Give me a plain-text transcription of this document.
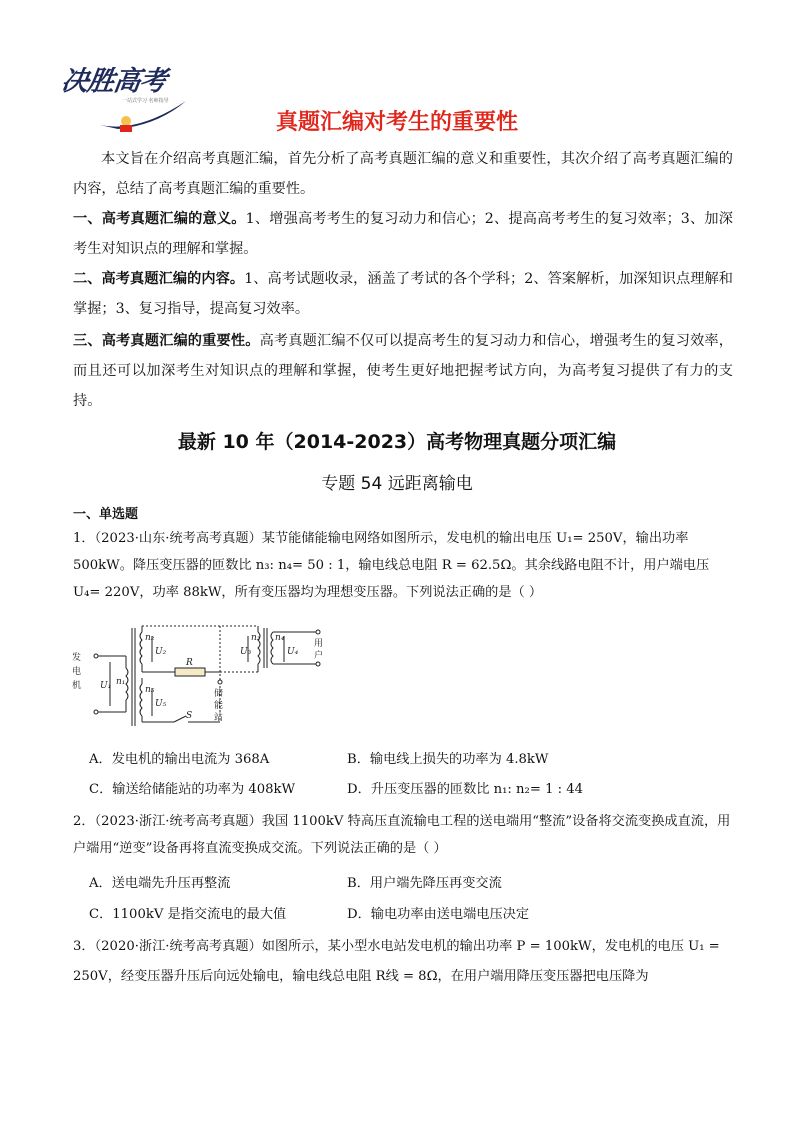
决胜高考
一站式学习 名师指导
真题汇编对考生的重要性
本文旨在介绍高考真题汇编，首先分析了高考真题汇编的意义和重要性，其次介绍了高考真题汇编的内容，总结了高考真题汇编的重要性。
一、高考真题汇编的意义。1、增强高考考生的复习动力和信心；2、提高高考考生的复习效率；3、加深考生对知识点的理解和掌握。
二、高考真题汇编的内容。1、高考试题收录，涵盖了考试的各个学科；2、答案解析，加深知识点理解和掌握；3、复习指导，提高复习效率。
三、高考真题汇编的重要性。高考真题汇编不仅可以提高考生的复习动力和信心，增强考生的复习效率，而且还可以加深考生对知识点的理解和掌握，使考生更好地把握考试方向，为高考复习提供了有力的支持。
最新 10 年（2014-2023）高考物理真题分项汇编
专题 54 远距离输电
一、单选题
1．（2023·山东·统考高考真题）某节能储能输电网络如图所示，发电机的输出电压 U₁= 250V，输出功率500kW。降压变压器的匝数比 n₃: n₄= 50 : 1，输电线总电阻 R = 62.5Ω。其余线路电阻不计，用户端电压 U₄= 220V，功率 88kW，所有变压器均为理想变压器。下列说法正确的是（ ）
发
电
机 U₁ n₁
n₂
U₂
R
U₃
n₃ n₄
U₄
n₅
U₅
S
用
户
储
能
站
A．发电机的输出电流为 368A	B．输电线上损失的功率为 4.8kW
C．输送给储能站的功率为 408kW	D．升压变压器的匝数比 n₁: n₂= 1 : 44
2．（2023·浙江·统考高考真题）我国 1100kV 特高压直流输电工程的送电端用“整流”设备将交流变换成直流，用户端用“逆变”设备再将直流变换成交流。下列说法正确的是（ ）
A．送电端先升压再整流	B．用户端先降压再变交流
C．1100kV 是指交流电的最大值	D．输电功率由送电端电压决定
3．（2020·浙江·统考高考真题）如图所示，某小型水电站发电机的输出功率 P = 100kW，发电机的电压 U₁ = 250V，经变压器升压后向远处输电，输电线总电阻 R线 = 8Ω，在用户端用降压变压器把电压降为
